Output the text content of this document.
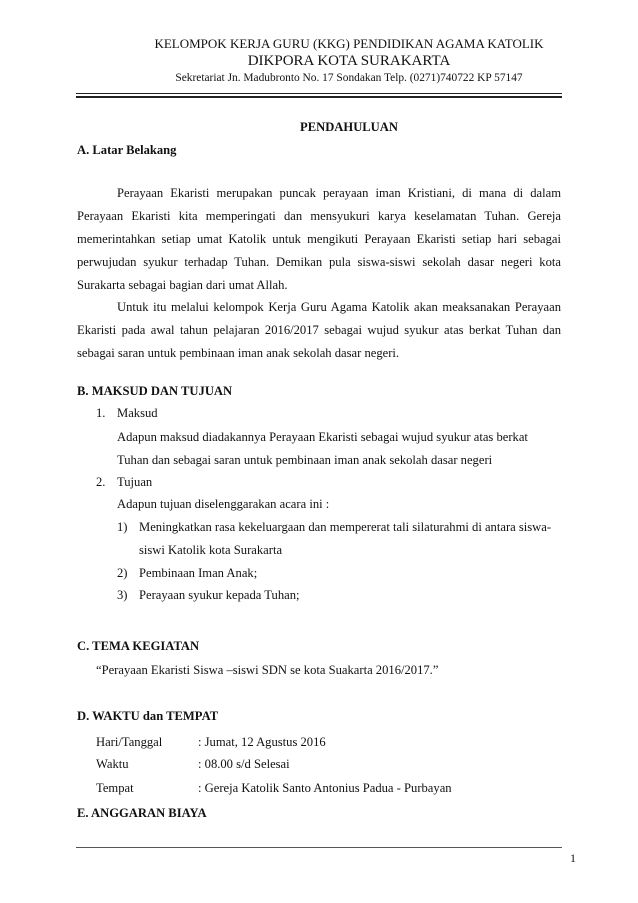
KELOMPOK KERJA GURU (KKG) PENDIDIKAN AGAMA KATOLIK
DIKPORA KOTA SURAKARTA
Sekretariat Jn. Madubronto No. 17 Sondakan Telp. (0271)740722 KP 57147
PENDAHULUAN
A. Latar Belakang
Perayaan Ekaristi merupakan puncak perayaan iman Kristiani, di mana di dalam
Perayaan Ekaristi kita memperingati dan mensyukuri karya keselamatan Tuhan. Gereja
memerintahkan setiap umat Katolik untuk mengikuti Perayaan Ekaristi setiap hari sebagai
perwujudan syukur terhadap Tuhan. Demikan pula siswa-siswi sekolah dasar negeri kota
Surakarta sebagai bagian dari umat Allah.
Untuk itu melalui kelompok Kerja Guru Agama Katolik akan meaksanakan Perayaan
Ekaristi pada awal tahun pelajaran 2016/2017 sebagai wujud syukur atas berkat Tuhan dan
sebagai saran untuk pembinaan iman anak sekolah dasar negeri.
B. MAKSUD DAN TUJUAN
1. Maksud
Adapun maksud diadakannya Perayaan Ekaristi sebagai wujud syukur atas berkat
Tuhan dan sebagai saran untuk pembinaan iman anak sekolah dasar negeri
2. Tujuan
Adapun tujuan diselenggarakan acara ini :
1) Meningkatkan rasa kekeluargaan dan mempererat tali silaturahmi di antara siswa-
siswi Katolik kota Surakarta
2) Pembinaan Iman Anak;
3) Perayaan syukur kepada Tuhan;
C. TEMA KEGIATAN
“Perayaan Ekaristi Siswa –siswi SDN se kota Suakarta 2016/2017.”
D. WAKTU dan TEMPAT
Hari/Tanggal	: Jumat, 12 Agustus 2016
Waktu	: 08.00 s/d Selesai
Tempat	: Gereja Katolik Santo Antonius Padua - Purbayan
E. ANGGARAN BIAYA
1
